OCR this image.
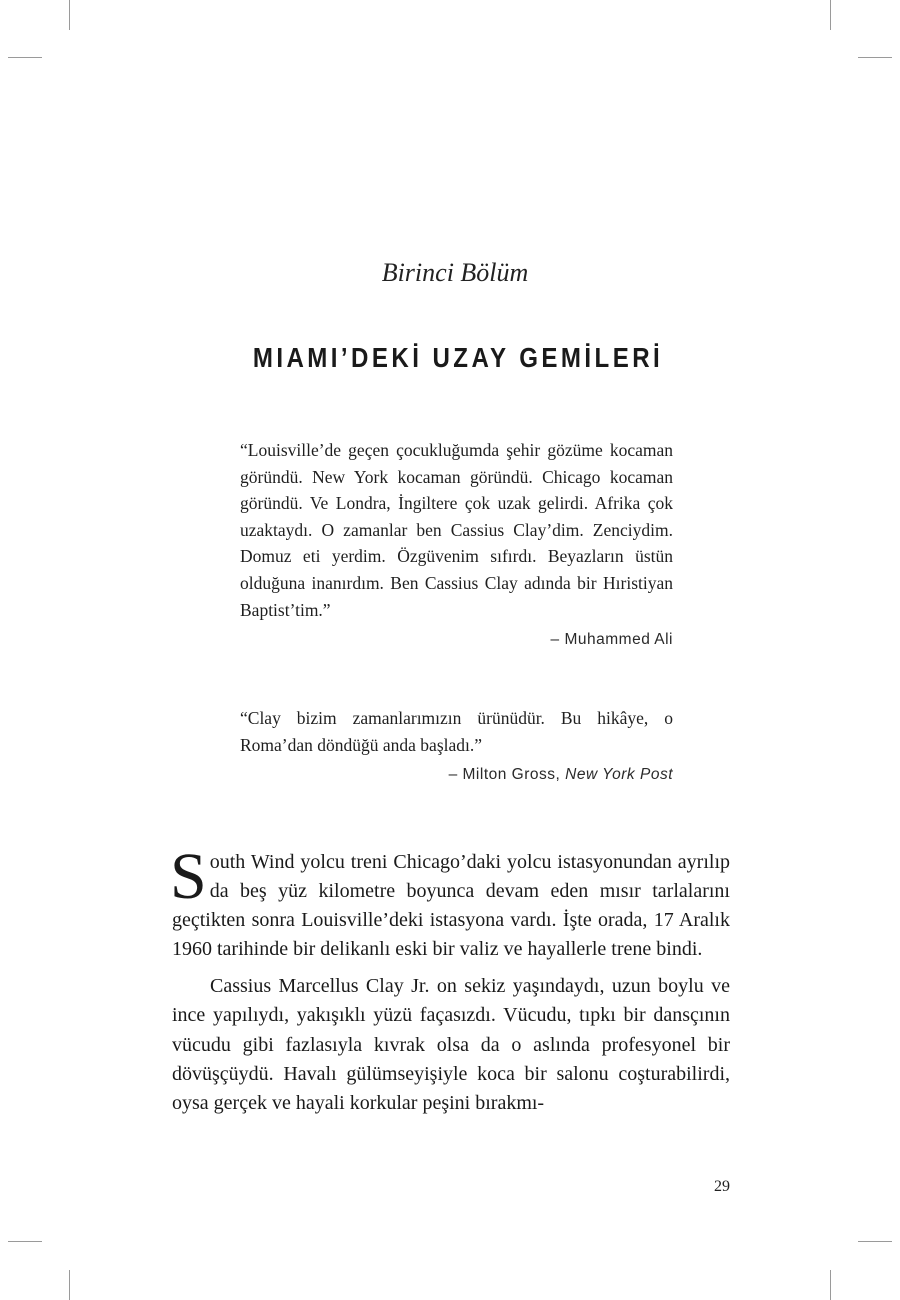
Birinci Bölüm
MIAMI’DEKİ UZAY GEMİLERİ

“Louisville’de geçen çocukluğumda şehir gözüme kocaman göründü. New York kocaman göründü. Chicago kocaman göründü. Ve Londra, İngiltere çok uzak gelirdi. Afrika çok uzaktaydı. O zamanlar ben Cassius Clay’dim. Zenciydim. Domuz eti yerdim. Özgüvenim sıfırdı. Beyazların üstün olduğuna inanırdım. Ben Cassius Clay adında bir Hıristiyan Baptist’tim.”

– Muhammed Ali

“Clay bizim zamanlarımızın ürünüdür. Bu hikâye, o Roma’dan döndüğü anda başladı.”

– Milton Gross, New York Post

South Wind yolcu treni Chicago’daki yolcu istasyonundan ayrılıp da beş yüz kilometre boyunca devam eden mısır tarlalarını geçtikten sonra Louisville’deki istasyona vardı. İşte orada, 17 Aralık 1960 tarihinde bir delikanlı eski bir valiz ve hayallerle trene bindi.

Cassius Marcellus Clay Jr. on sekiz yaşındaydı, uzun boylu ve ince yapılıydı, yakışıklı yüzü façasızdı. Vücudu, tıpkı bir dansçının vücudu gibi fazlasıyla kıvrak olsa da o aslında profesyonel bir dövüşçüydü. Havalı gülümseyişiyle koca bir salonu coşturabilirdi, oysa gerçek ve hayali korkular peşini bırakmı-

29
